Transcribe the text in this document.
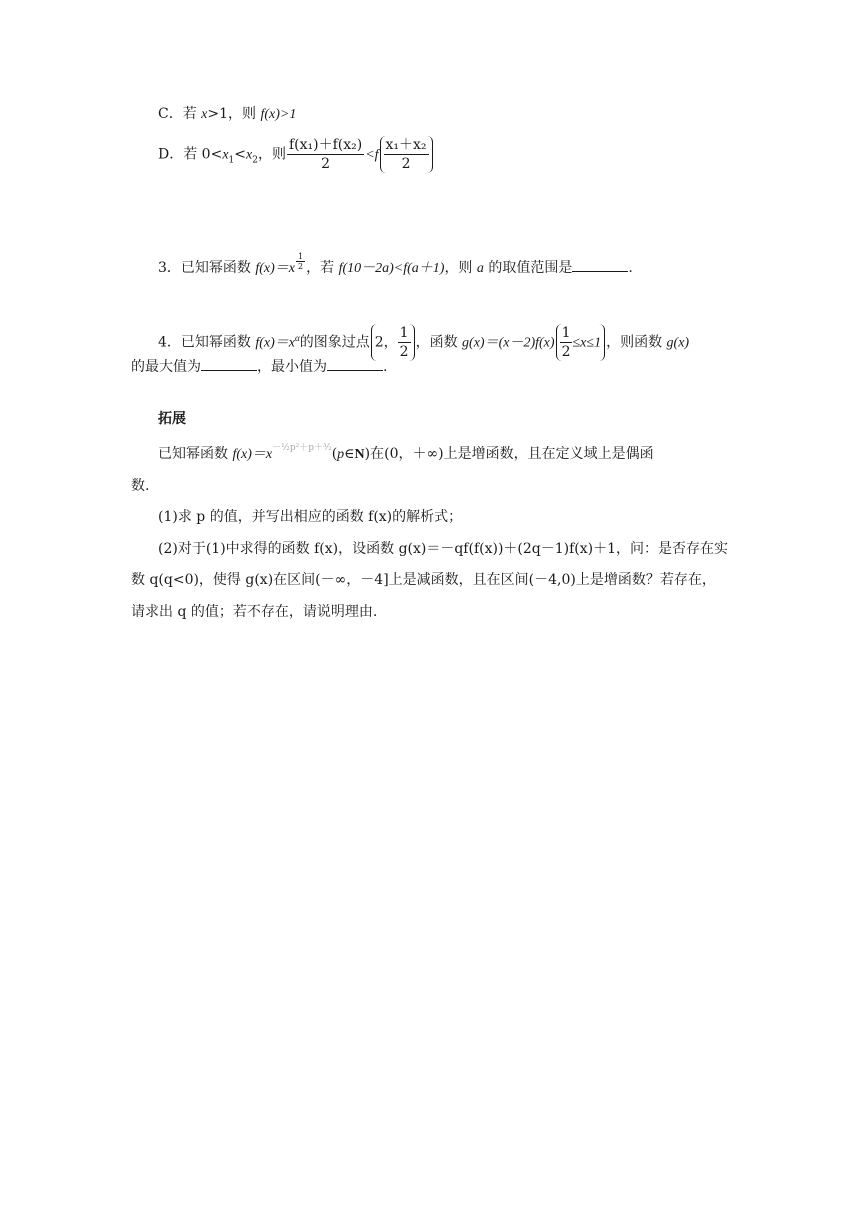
C．若 x>1，则 f(x)>1
D．若 $0<x_1<x_2$，则 $\frac{\text{f(x₁)＋f(x₂)}}{2} <f \frac{\text{x₁＋x₂}}{2}$
3．已知幂函数 f(x)＝x $^{\frac{1}{2}}$ ，若 f(10－2a)<f(a＋1)，则 a 的取值范围是	.
4．已知幂函数 $f(x)=x^\alpha$的图象过点 2， $\frac{1}{2}$ ，函数 $g(x)=(x-2)f(x) \frac{1}{2} \le x\le 1$ ，则函数 g(x)
的最大值为	，最小值为	.
拓展
已知幂函数 $f(x)=x^{-\frac{1}{2}p^2+p+^3⁄_2}(p\in N)$在(0，＋∞)上是增函数，且在定义域上是偶函
数.
(1)求 p 的值，并写出相应的函数 f(x)的解析式；
(2)对于(1)中求得的函数 f(x)，设函数 g(x)＝－qf(f(x))＋(2q－1)f(x)＋1，问：是否存在实
数 q(q<0)，使得 g(x)在区间(－∞，－4]上是减函数，且在区间(－4,0)上是增函数？若存在，
请求出 q 的值；若不存在，请说明理由.
